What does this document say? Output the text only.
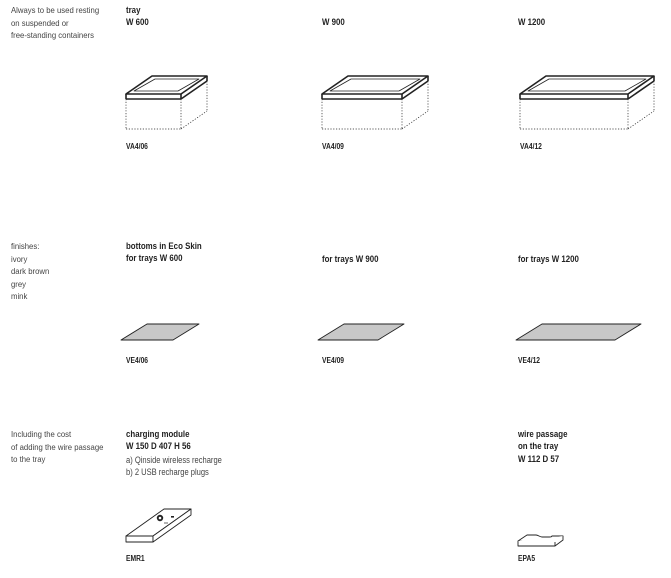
Always to be used resting
on suspended or
free-standing containers
tray
W 600	W 900	W 1200
VA4/06	VA4/09	VA4/12
finishes:
ivory
dark brown
grey
mink
bottoms in Eco Skin
for trays W 600	for trays W 900	for trays W 1200
VE4/06	VE4/09	VE4/12
Including the cost
of adding the wire passage
to the tray
charging module
W 150 D 407 H 56
a) Qinside wireless recharge
b) 2 USB recharge plugs
wire passage
on the tray
W 112 D 57
EMR1	EPA5
